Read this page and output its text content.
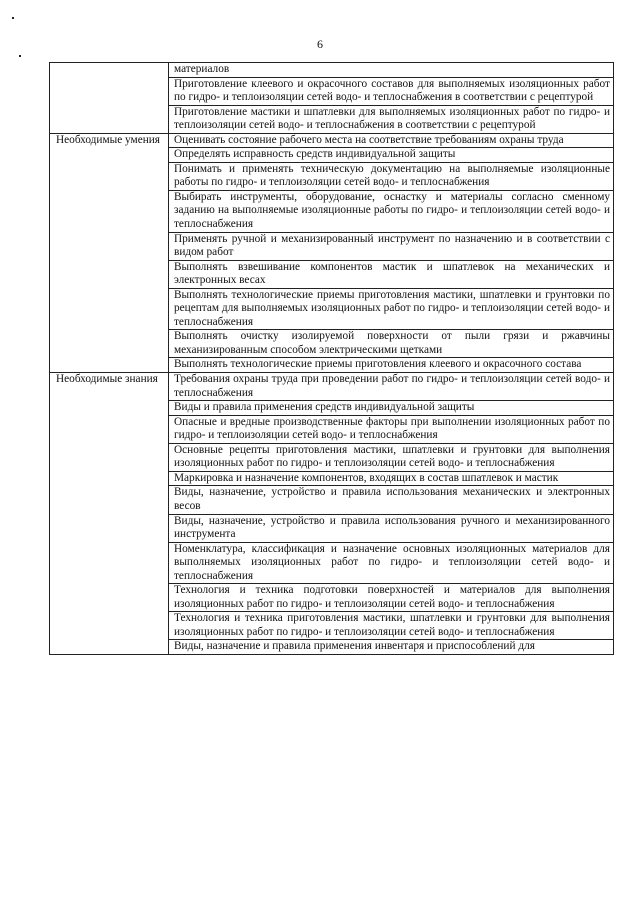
6
	материалов
	Приготовление клеевого и окрасочного составов для выполняемых изоляционных работ по гидро- и теплоизоляции сетей водо- и теплоснабжения в соответствии с рецептурой
	Приготовление мастики и шпатлевки для выполняемых изоляционных работ по гидро- и теплоизоляции сетей водо- и теплоснабжения в соответствии с рецептурой
Необходимые умения	Оценивать состояние рабочего места на соответствие требованиям охраны труда
	Определять исправность средств индивидуальной защиты
	Понимать и применять техническую документацию на выполняемые изоляционные работы по гидро- и теплоизоляции сетей водо- и теплоснабжения
	Выбирать инструменты, оборудование, оснастку и материалы согласно сменному заданию на выполняемые изоляционные работы по гидро- и теплоизоляции сетей водо- и теплоснабжения
	Применять ручной и механизированный инструмент по назначению и в соответствии с видом работ
	Выполнять взвешивание компонентов мастик и шпатлевок на механических и электронных весах
	Выполнять технологические приемы приготовления мастики, шпатлевки и грунтовки по рецептам для выполняемых изоляционных работ по гидро- и теплоизоляции сетей водо- и теплоснабжения
	Выполнять очистку изолируемой поверхности от пыли грязи и ржавчины механизированным способом электрическими щетками
	Выполнять технологические приемы приготовления клеевого и окрасочного состава
Необходимые знания	Требования охраны труда при проведении работ по гидро- и теплоизоляции сетей водо- и теплоснабжения
	Виды и правила применения средств индивидуальной защиты
	Опасные и вредные производственные факторы при выполнении изоляционных работ по гидро- и теплоизоляции сетей водо- и теплоснабжения
	Основные рецепты приготовления мастики, шпатлевки и грунтовки для выполнения изоляционных работ по гидро- и теплоизоляции сетей водо- и теплоснабжения
	Маркировка и назначение компонентов, входящих в состав шпатлевок и мастик
	Виды, назначение, устройство и правила использования механических и электронных весов
	Виды, назначение, устройство и правила использования ручного и механизированного инструмента
	Номенклатура, классификация и назначение основных изоляционных материалов для выполняемых изоляционных работ по гидро- и теплоизоляции сетей водо- и теплоснабжения
	Технология и техника подготовки поверхностей и материалов для выполнения изоляционных работ по гидро- и теплоизоляции сетей водо- и теплоснабжения
	Технология и техника приготовления мастики, шпатлевки и грунтовки для выполнения изоляционных работ по гидро- и теплоизоляции сетей водо- и теплоснабжения
	Виды, назначение и правила применения инвентаря и приспособлений для
